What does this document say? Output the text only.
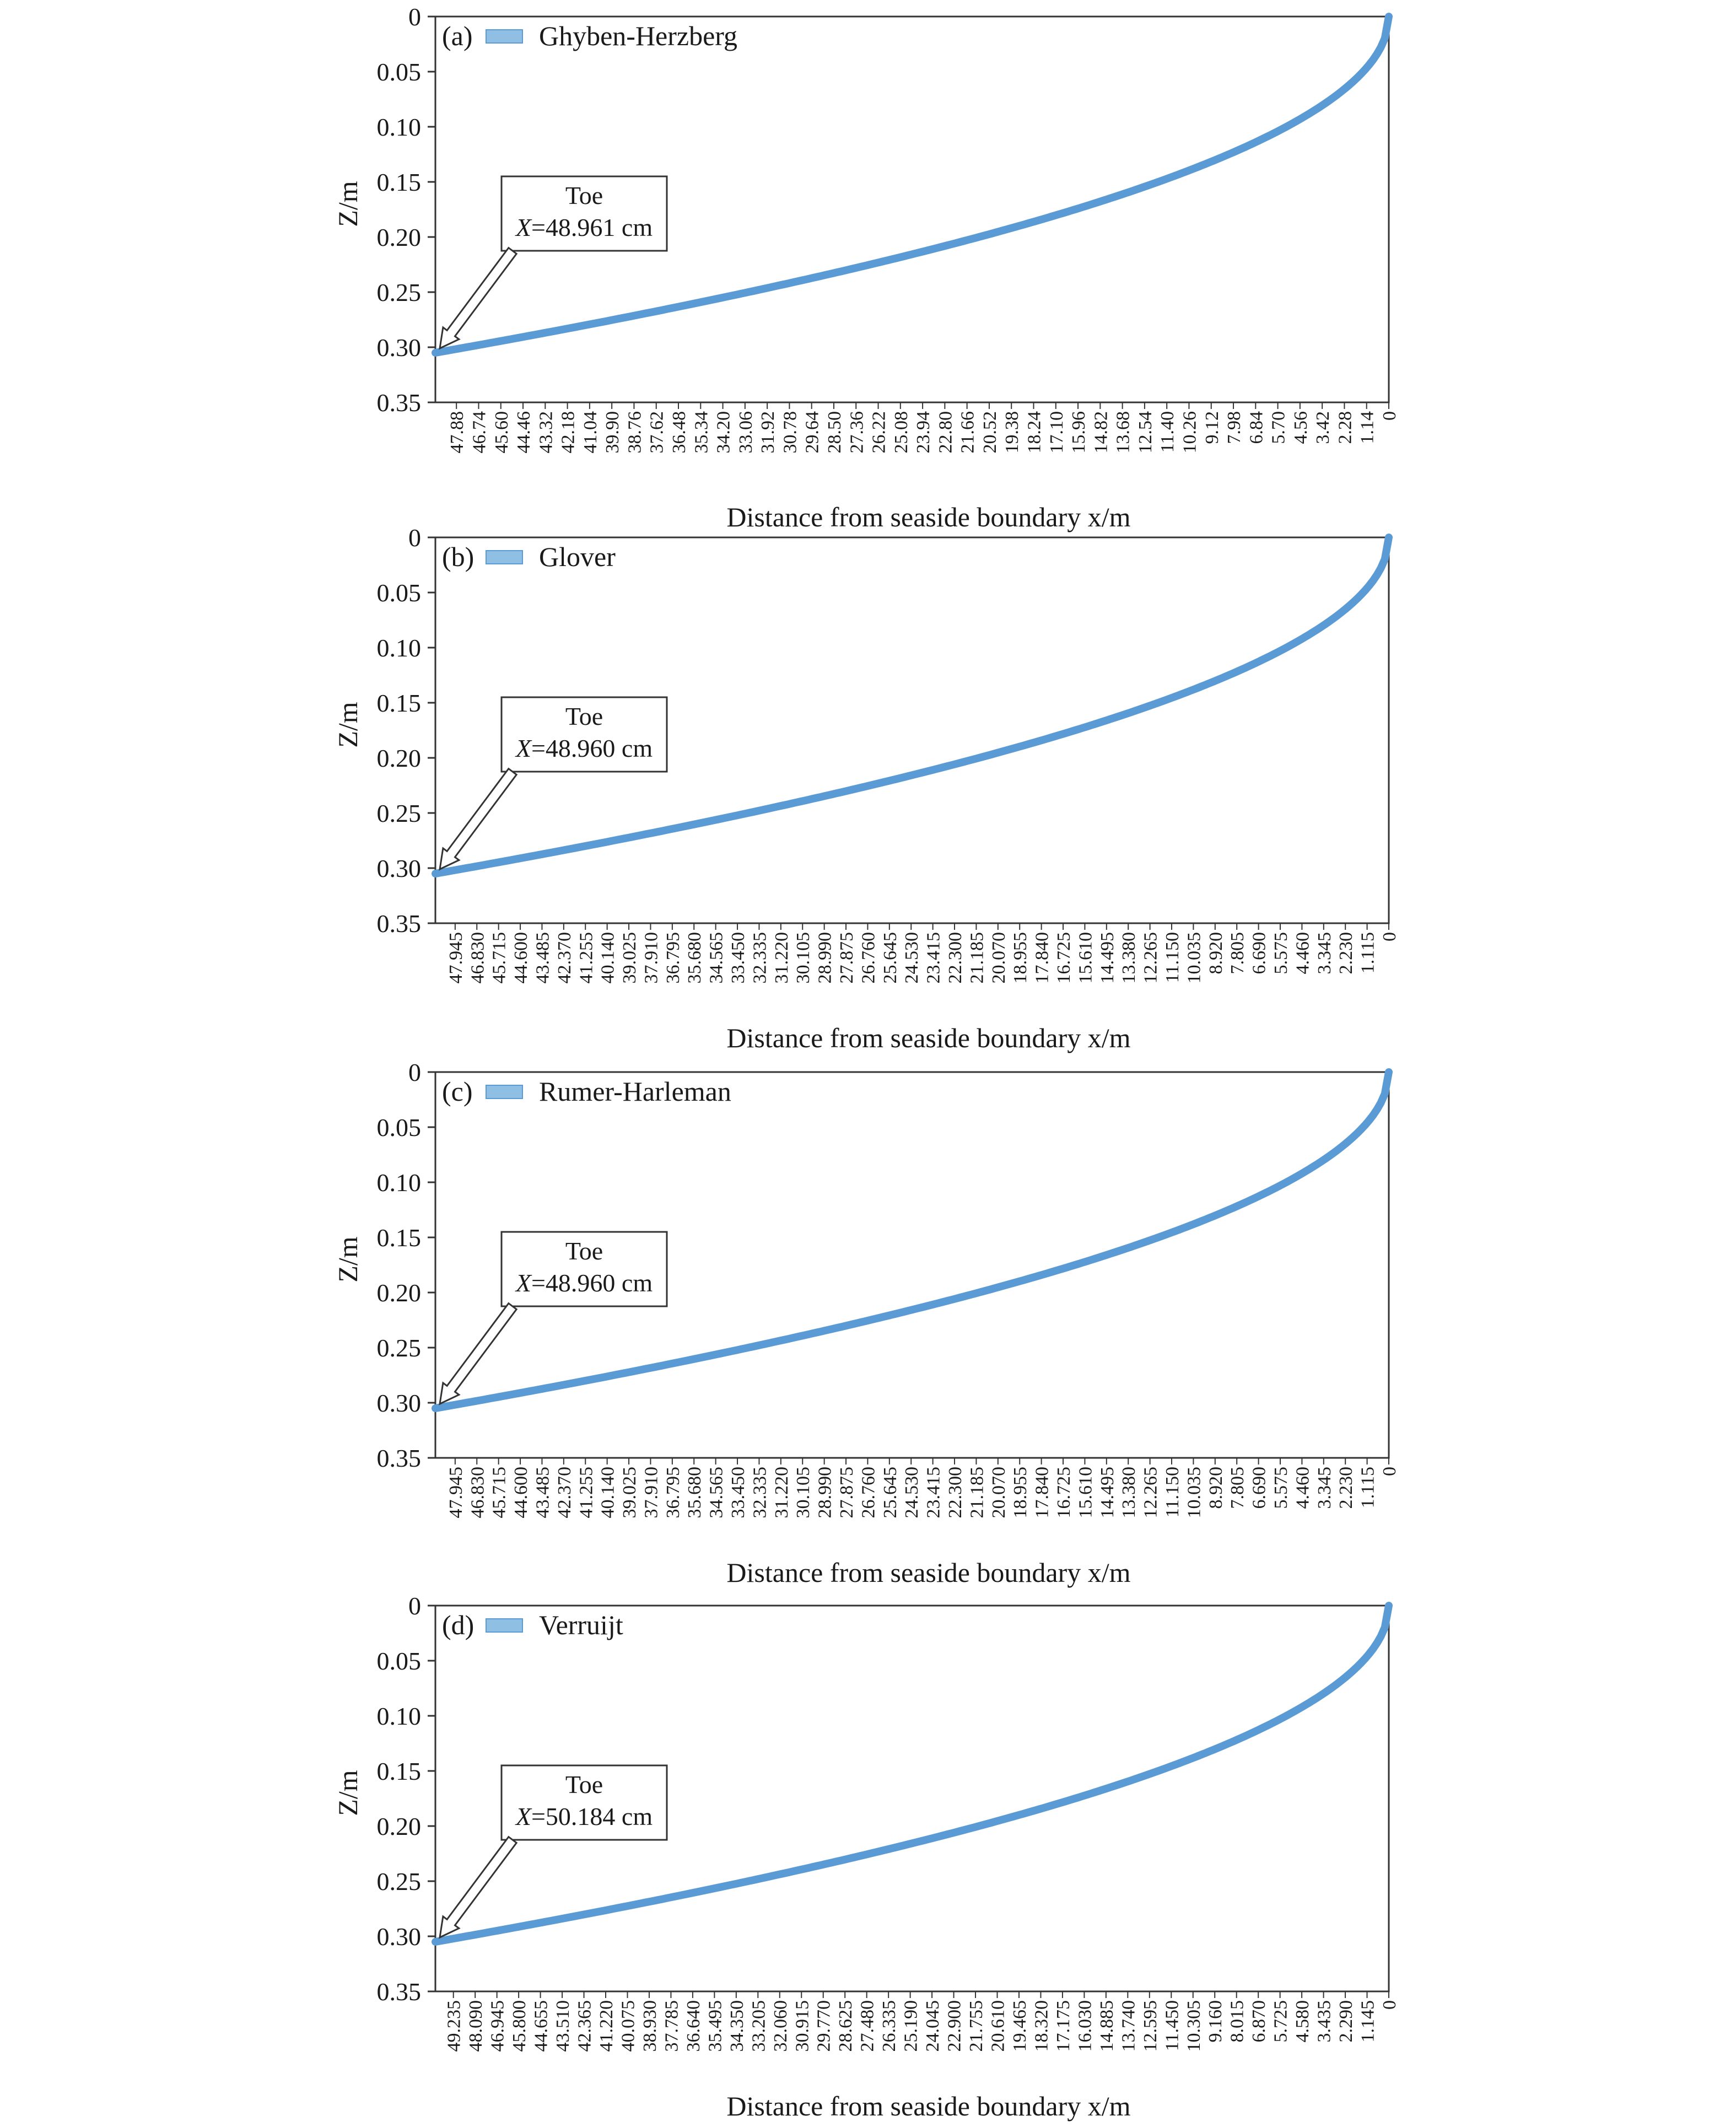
0
0.05
0.10
0.15
0.20
0.25
0.30
0.35
47.88 46.74 45.60 44.46 43.32 42.18 41.04 39.90 38.76 37.62 36.48 35.34 34.20 33.06 31.92 30.78 29.64 28.50 27.36 26.22 25.08 23.94 22.80 21.66 20.52 19.38 18.24 17.10 15.96 14.82 13.68 12.54 11.40 10.26 9.12 7.98 6.84 5.70 4.56 3.42 2.28 1.14 0
Z/m
Distance from seaside boundary x/m
(a) Ghyben-Herzberg
Toe
X=48.961 cm
0
0.05
0.10
0.15
0.20
0.25
0.30
0.35
47.945 46.830 45.715 44.600 43.485 42.370 41.255 40.140 39.025 37.910 36.795 35.680 34.565 33.450 32.335 31.220 30.105 28.990 27.875 26.760 25.645 24.530 23.415 22.300 21.185 20.070 18.955 17.840 16.725 15.610 14.495 13.380 12.265 11.150 10.035 8.920 7.805 6.690 5.575 4.460 3.345 2.230 1.115 0
Z/m
Distance from seaside boundary x/m
(b) Glover
Toe
X=48.960 cm
0
0.05
0.10
0.15
0.20
0.25
0.30
0.35
47.945 46.830 45.715 44.600 43.485 42.370 41.255 40.140 39.025 37.910 36.795 35.680 34.565 33.450 32.335 31.220 30.105 28.990 27.875 26.760 25.645 24.530 23.415 22.300 21.185 20.070 18.955 17.840 16.725 15.610 14.495 13.380 12.265 11.150 10.035 8.920 7.805 6.690 5.575 4.460 3.345 2.230 1.115 0
Z/m
Distance from seaside boundary x/m
(c) Rumer-Harleman
Toe
X=48.960 cm
0
0.05
0.10
0.15
0.20
0.25
0.30
0.35
49.235 48.090 46.945 45.800 44.655 43.510 42.365 41.220 40.075 38.930 37.785 36.640 35.495 34.350 33.205 32.060 30.915 29.770 28.625 27.480 26.335 25.190 24.045 22.900 21.755 20.610 19.465 18.320 17.175 16.030 14.885 13.740 12.595 11.450 10.305 9.160 8.015 6.870 5.725 4.580 3.435 2.290 1.145 0
Z/m
Distance from seaside boundary x/m
(d) Verruijt
Toe
X=50.184 cm
